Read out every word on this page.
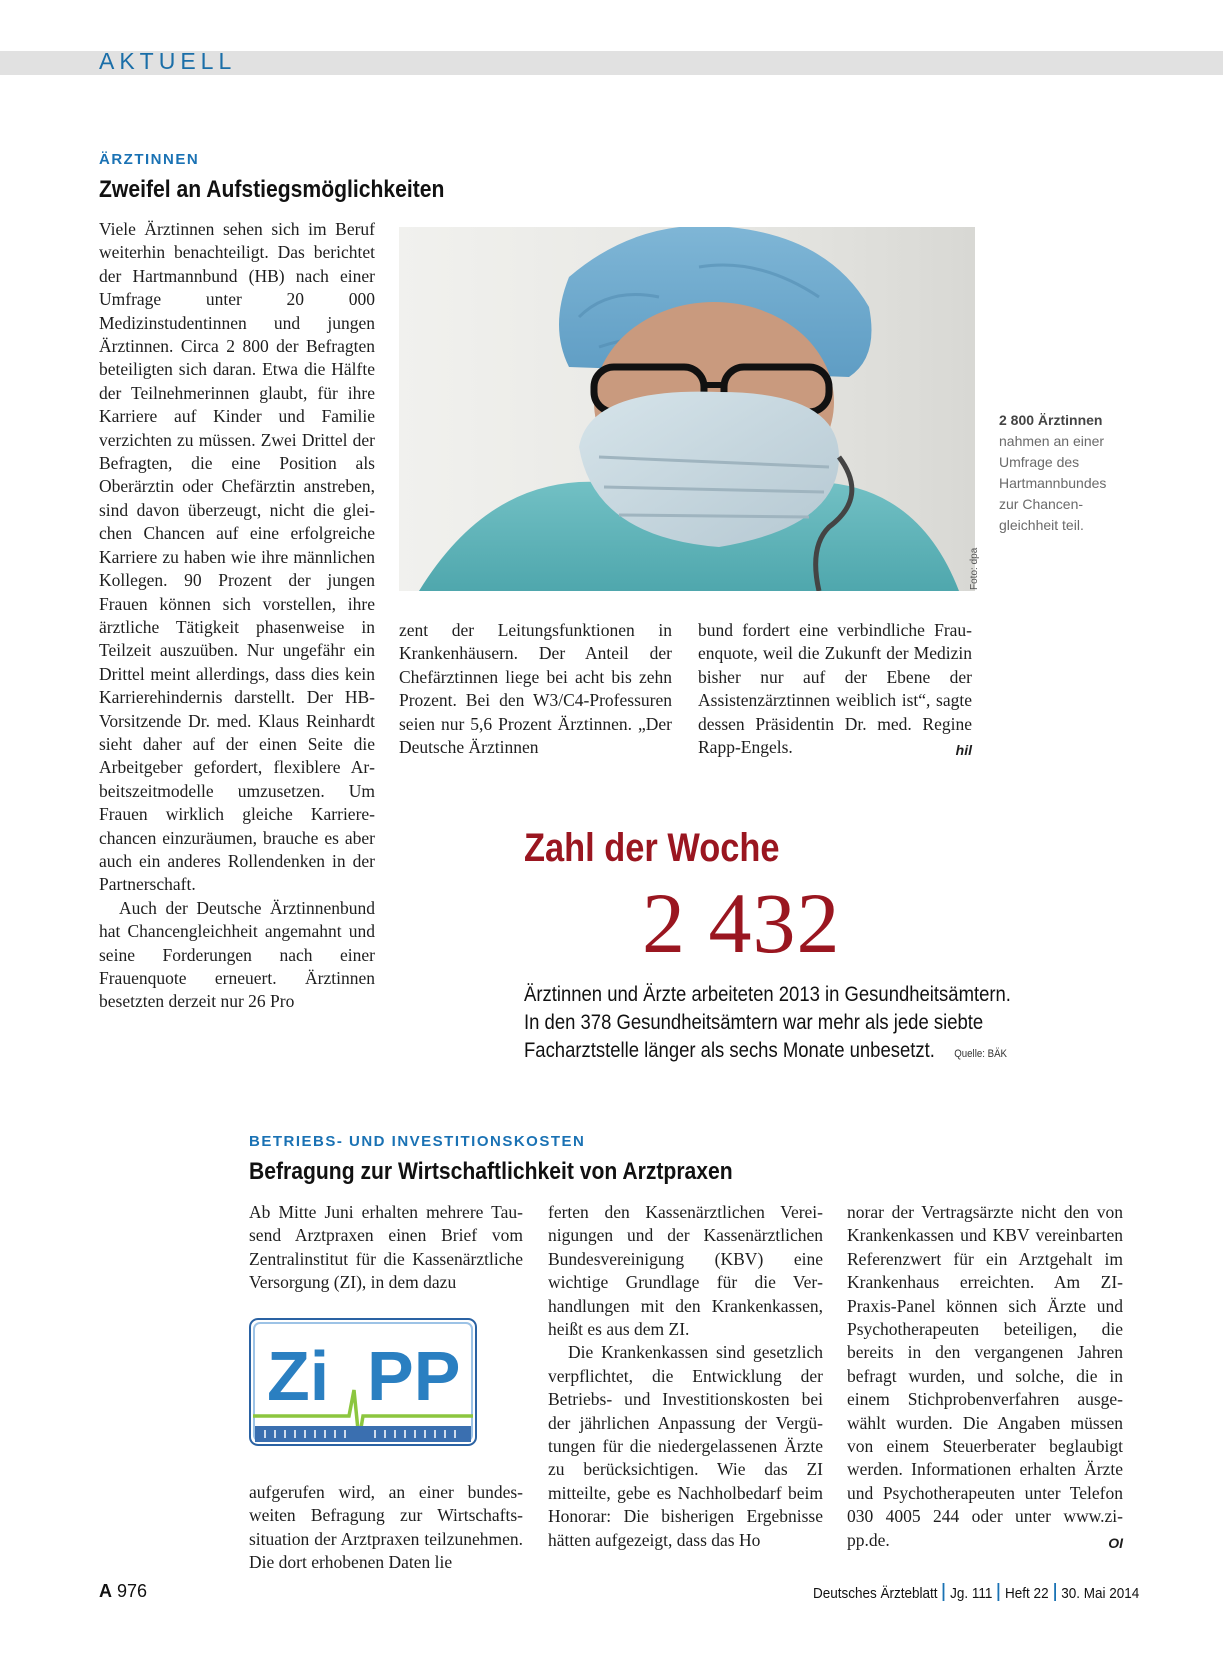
AKTUELL
ÄRZTINNEN
Zweifel an Aufstiegsmöglichkeiten

Viele Ärztinnen sehen sich im Beruf weiterhin benachteiligt. Das berichtet der Hartmannbund (HB) nach einer Umfrage unter 20 000 Medizinstudentinnen und jungen Ärztinnen. Circa 2 800 der Befragten beteiligten sich daran. Etwa die Hälfte der Teilnehmerinnen glaubt, für ihre Karriere auf Kinder und Familie verzichten zu müssen. Zwei Drittel der Befragten, die eine Position als Oberärztin oder Chefärztin anstreben, sind davon überzeugt, nicht die gleichen Chancen auf eine erfolgreiche Karriere zu haben wie ihre männlichen Kollegen. 90 Prozent der jungen Frauen können sich vorstellen, ihre ärztliche Tätigkeit phasenweise in Teilzeit auszuüben. Nur ungefähr ein Drittel meint allerdings, dass dies kein Karrierehindernis darstellt. Der HB-Vorsitzende Dr. med. Klaus Reinhardt sieht daher auf der einen Seite die Arbeitgeber gefordert, flexiblere Arbeitszeitmodelle umzusetzen. Um Frauen wirklich gleiche Karrierechancen einzuräumen, brauche es aber auch ein anderes Rollendenken in der Partnerschaft.

Auch der Deutsche Ärztinnenbund hat Chancengleichheit angemahnt und seine Forderungen nach einer Frauenquote erneuert. Ärztinnen besetzten derzeit nur 26 Pro

Foto: dpa
2 800 Ärztinnen
nahmen an einer Umfrage des Hartmannbundes zur Chancengleichheit teil.

zent der Leitungsfunktionen in Krankenhäusern. Der Anteil der Chefärztinnen liege bei acht bis zehn Prozent. Bei den W3/C4-Professuren seien nur 5,6 Prozent Ärztinnen. „Der Deutsche Ärztinnen

bund fordert eine verbindliche Frauenquote, weil die Zukunft der Medizin bisher nur auf der Ebene der Assistenzärztinnen weiblich ist“, sagte dessen Präsidentin Dr. med. Regine Rapp-Engels.	hil

Zahl der Woche
2 432
Ärztinnen und Ärzte arbeiteten 2013 in Gesundheitsämtern.
In den 378 Gesundheitsämtern war mehr als jede siebte
Facharztstelle länger als sechs Monate unbesetzt. Quelle: BÄK
BETRIEBS- UND INVESTITIONSKOSTEN
Befragung zur Wirtschaftlichkeit von Arztpraxen

Ab Mitte Juni erhalten mehrere Tausend Arztpraxen einen Brief vom Zentralinstitut für die Kassenärztliche Versorgung (ZI), in dem dazu

Zi PP

aufgerufen wird, an einer bundesweiten Befragung zur Wirtschaftssituation der Arztpraxen teilzunehmen. Die dort erhobenen Daten lie

ferten den Kassenärztlichen Vereinigungen und der Kassenärztlichen Bundesvereinigung (KBV) eine wichtige Grundlage für die Verhandlungen mit den Krankenkassen, heißt es aus dem ZI.

Die Krankenkassen sind gesetzlich verpflichtet, die Entwicklung der Betriebs- und Investitionskosten bei der jährlichen Anpassung der Vergütungen für die niedergelassenen Ärzte zu berücksichtigen. Wie das ZI mitteilte, gebe es Nachholbedarf beim Honorar: Die bisherigen Ergebnisse hätten aufgezeigt, dass das Ho

norar der Vertragsärzte nicht den von Krankenkassen und KBV vereinbarten Referenzwert für ein Arztgehalt im Krankenhaus erreichten. Am ZI-Praxis-Panel können sich Ärzte und Psychotherapeuten beteiligen, die bereits in den vergangenen Jahren befragt wurden, und solche, die in einem Stichprobenverfahren ausgewählt wurden. Die Angaben müssen von einem Steuerberater beglaubigt werden. Informationen erhalten Ärzte und Psychotherapeuten unter Telefon 030 4005 244 oder unter www.zi-pp.de.	OI

A 976	Deutsches Ärzteblatt Jg. 111 Heft 22 30. Mai 2014
